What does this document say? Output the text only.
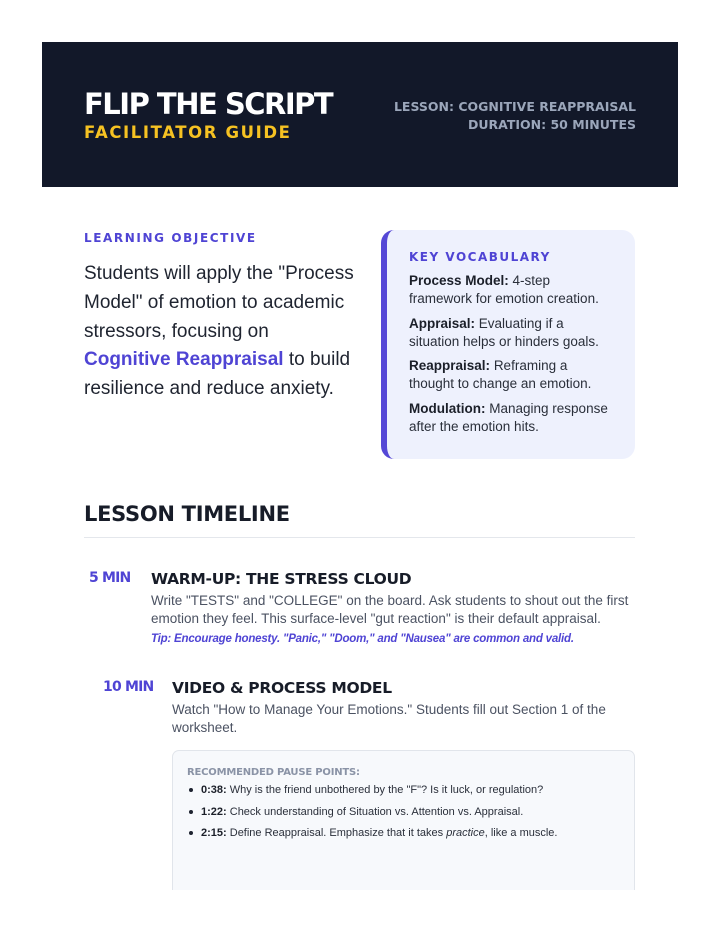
FLIP THE SCRIPT
FACILITATOR GUIDE
LESSON: COGNITIVE REAPPRAISAL
DURATION: 50 MINUTES
LEARNING OBJECTIVE
Students will apply the "Process Model" of emotion to academic stressors, focusing on Cognitive Reappraisal to build resilience and reduce anxiety.
KEY VOCABULARY
Process Model: 4-step framework for emotion creation.
Appraisal: Evaluating if a situation helps or hinders goals.
Reappraisal: Reframing a thought to change an emotion.
Modulation: Managing response after the emotion hits.
LESSON TIMELINE
5 MIN WARM-UP: THE STRESS CLOUD
Write "TESTS" and "COLLEGE" on the board. Ask students to shout out the first emotion they feel. This surface-level "gut reaction" is their default appraisal.
Tip: Encourage honesty. "Panic," "Doom," and "Nausea" are common and valid.
10 MIN VIDEO & PROCESS MODEL
Watch "How to Manage Your Emotions." Students fill out Section 1 of the worksheet.
RECOMMENDED PAUSE POINTS:
0:38: Why is the friend unbothered by the "F"? Is it luck, or regulation?
1:22: Check understanding of Situation vs. Attention vs. Appraisal.
2:15: Define Reappraisal. Emphasize that it takes practice, like a muscle.
